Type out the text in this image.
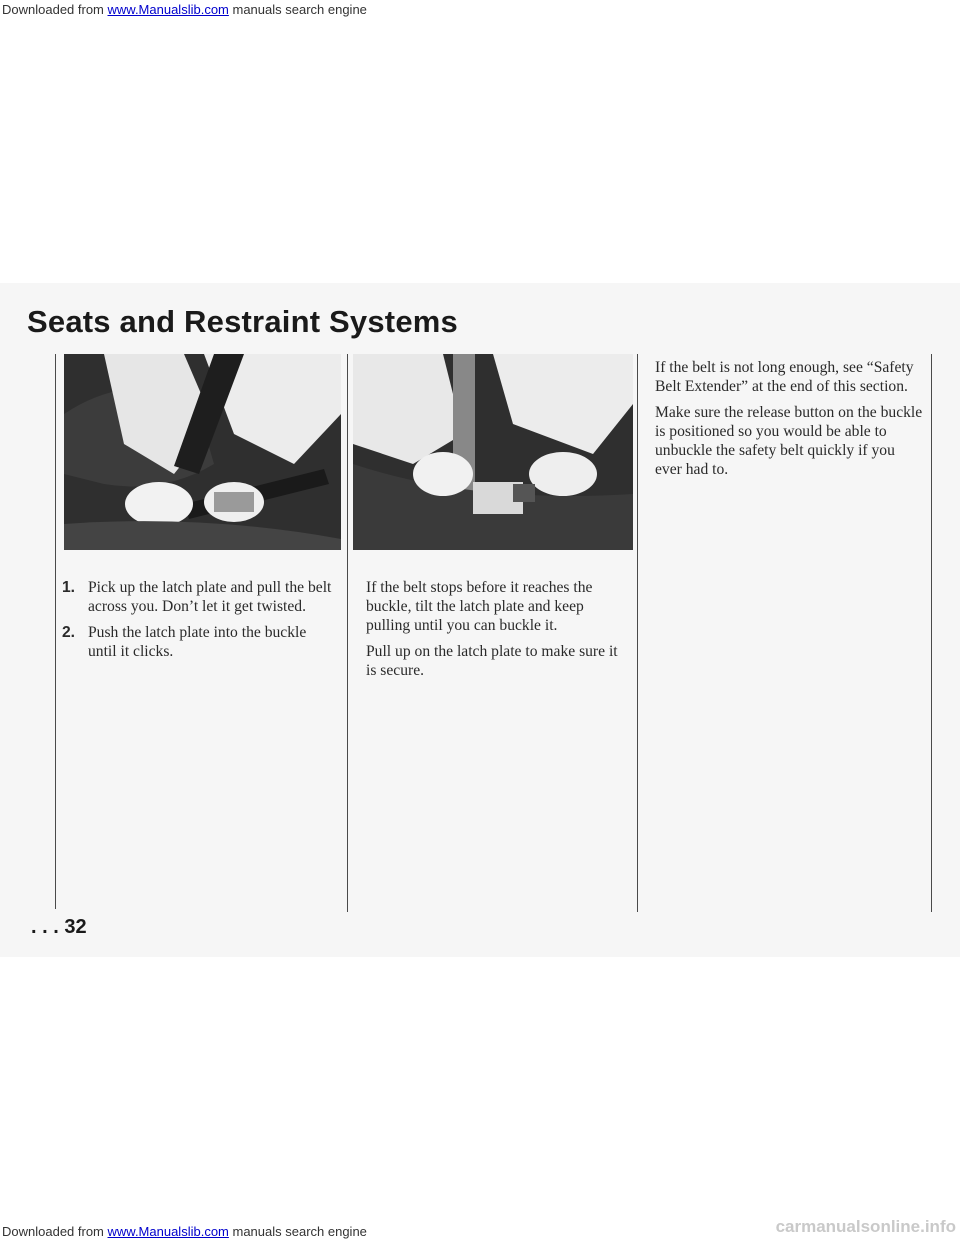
Downloaded from www.Manualslib.com manuals search engine
Seats and Restraint Systems
1. Pick up the latch plate and pull the belt across you. Don’t let it get twisted.
2. Push the latch plate into the buckle until it clicks.

If the belt stops before it reaches the buckle, tilt the latch plate and keep pulling until you can buckle it.

Pull up on the latch plate to make sure it is secure.

If the belt is not long enough, see “Safety Belt Extender” at the end of this section.

Make sure the release button on the buckle is positioned so you would be able to unbuckle the safety belt quickly if you ever had to.

. . . 32
Downloaded from www.Manualslib.com manuals search engine	carmanualsonline.info
